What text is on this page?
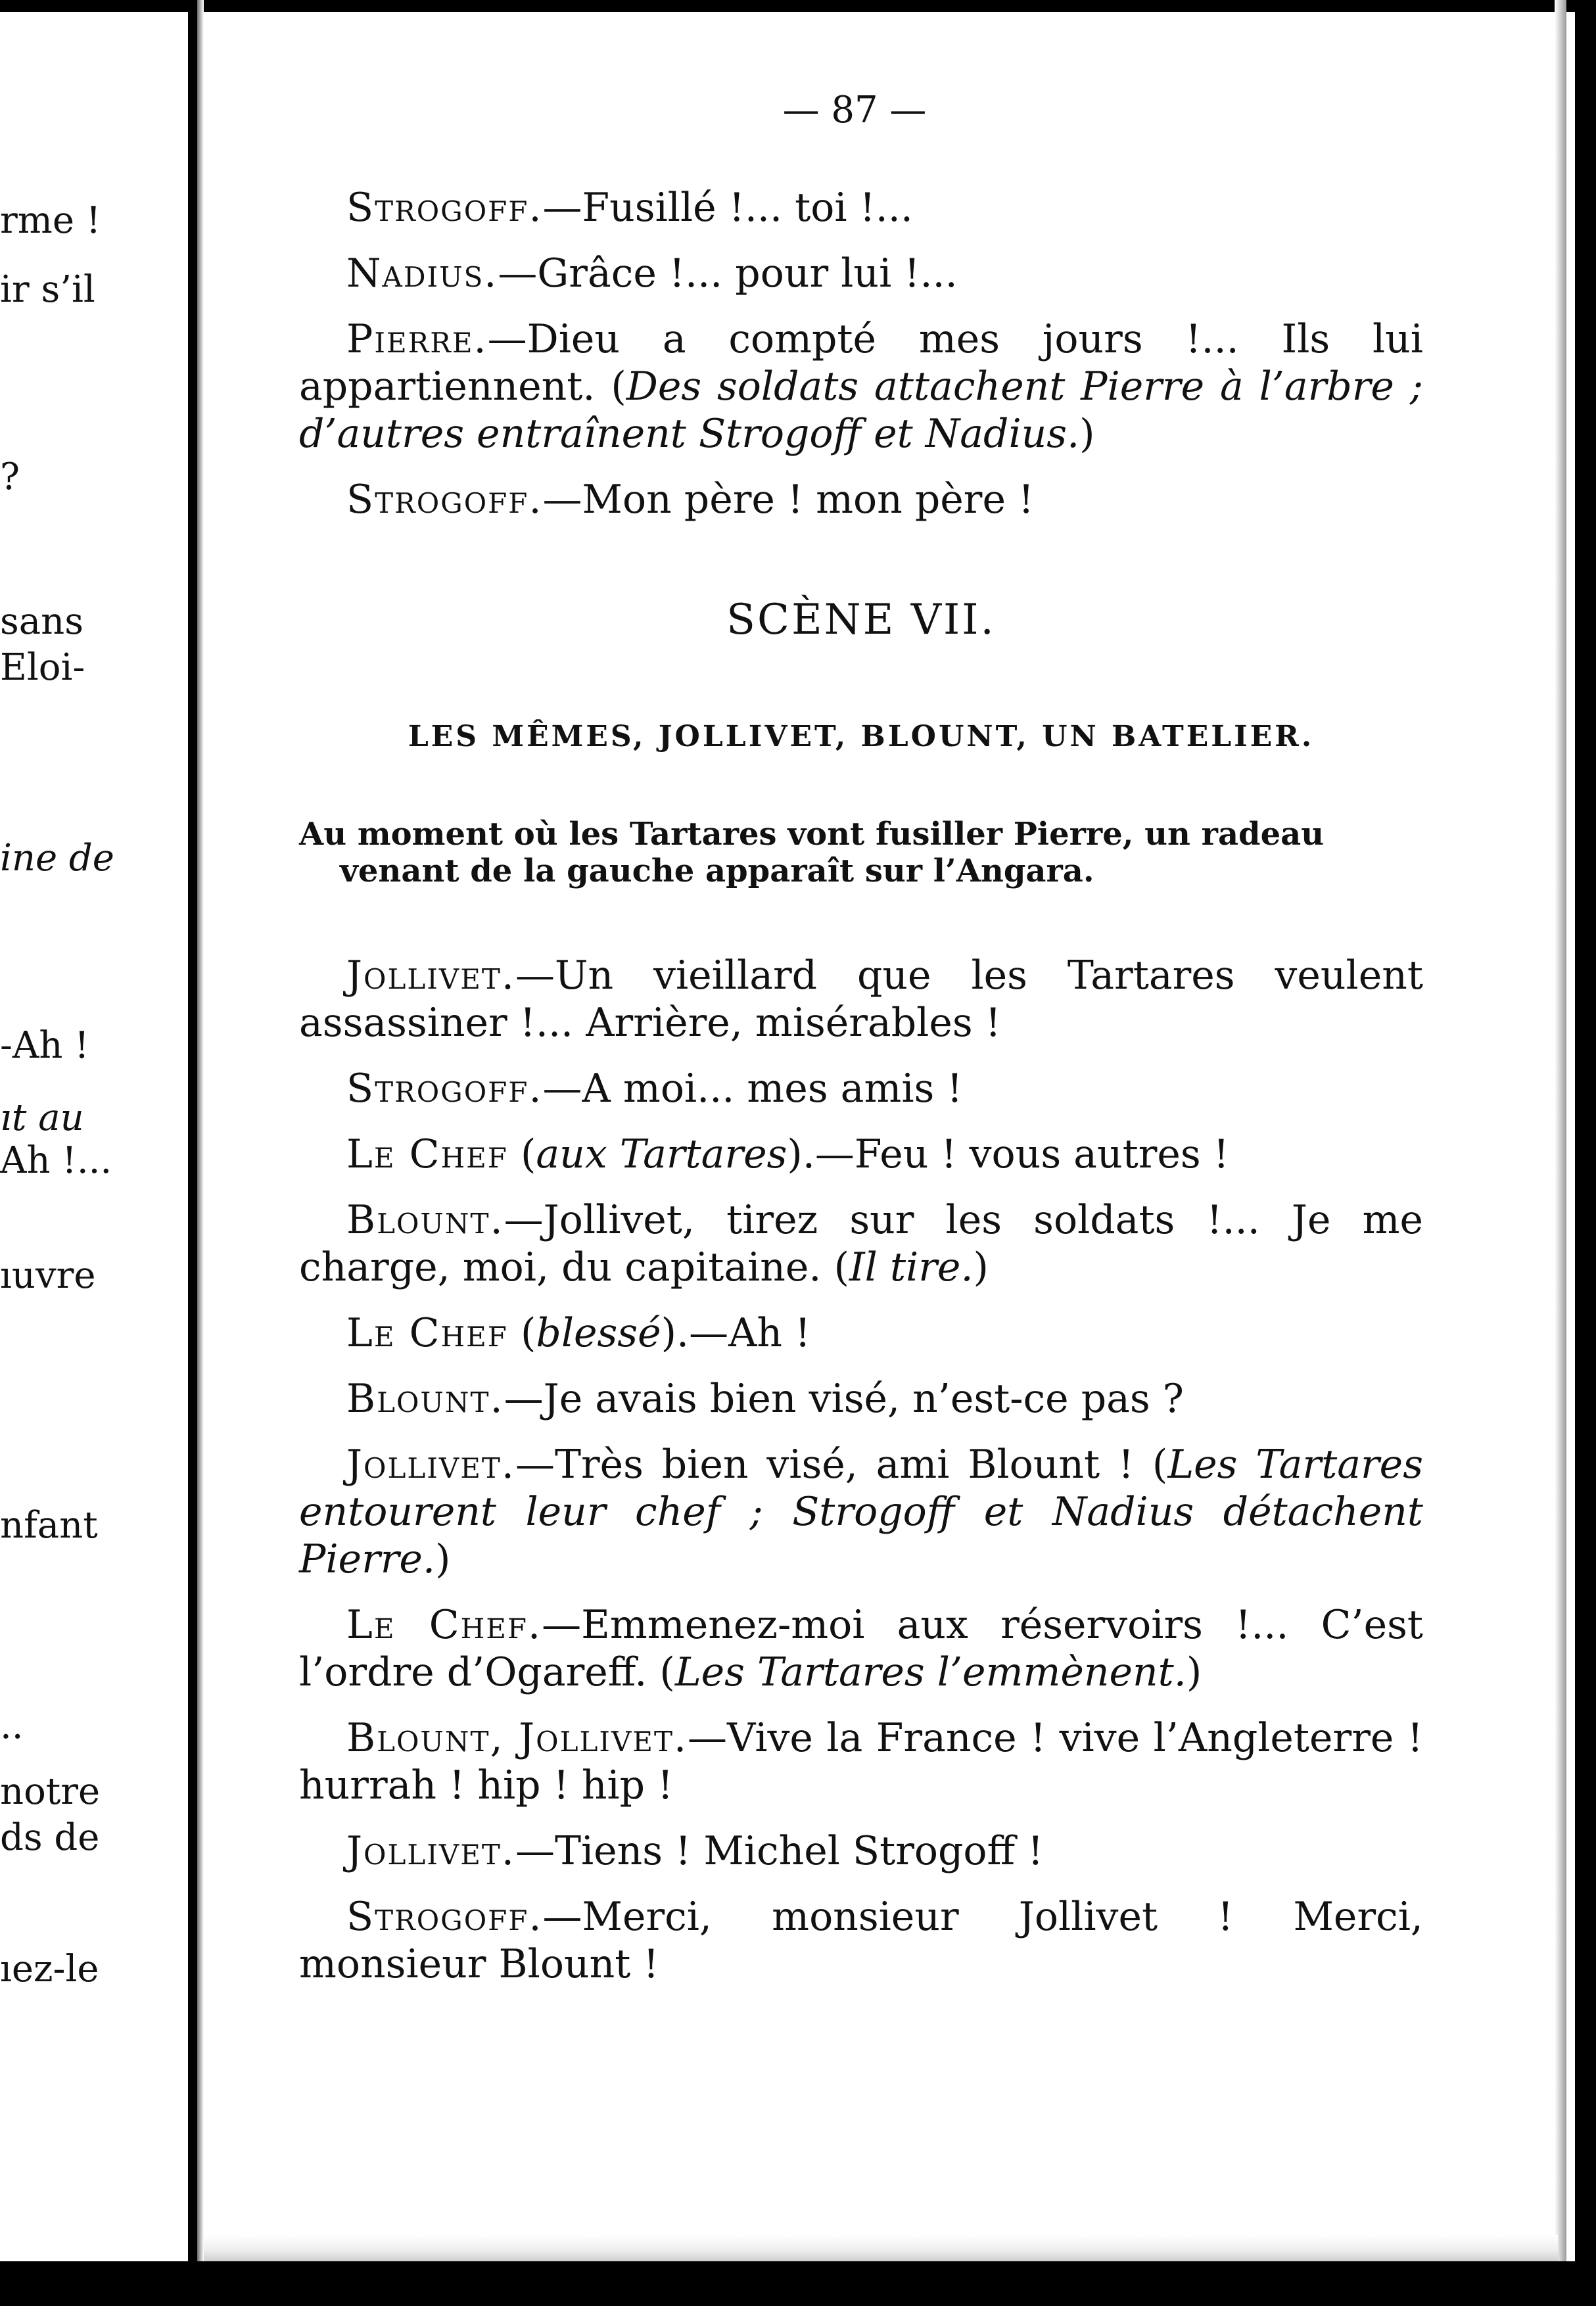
rme !
ir s’il
?
sans
Eloi-
ine de
-Ah !
ıt au
Ah !...
ıuvre
nfant
..
notre
ds de
ıez-le
— 87 —
Strogoff.—Fusillé !... toi !...
Nadius.—Grâce !... pour lui !...
Pierre.—Dieu a compté mes jours !... Ils lui appartiennent. (Des soldats attachent Pierre à l’arbre ; d’autres entraînent Strogoff et Nadius.)
Strogoff.—Mon père ! mon père !
SCÈNE VII.
LES MÊMES, JOLLIVET, BLOUNT, UN BATELIER.
Au moment où les Tartares vont fusiller Pierre, un radeau venant de la gauche apparaît sur l’Angara.
Jollivet.—Un vieillard que les Tartares veulent assassiner !... Arrière, misérables !
Strogoff.—A moi... mes amis !
Le Chef (aux Tartares).—Feu ! vous autres !
Blount.—Jollivet, tirez sur les soldats !... Je me charge, moi, du capitaine. (Il tire.)
Le Chef (blessé).—Ah !
Blount.—Je avais bien visé, n’est-ce pas ?
Jollivet.—Très bien visé, ami Blount ! (Les Tartares entourent leur chef ; Strogoff et Nadius détachent Pierre.)
Le Chef.—Emmenez-moi aux réservoirs !... C’est l’ordre d’Ogareff. (Les Tartares l’emmènent.)
Blount, Jollivet.—Vive la France ! vive l’Angleterre ! hurrah ! hip ! hip !
Jollivet.—Tiens ! Michel Strogoff !
Strogoff.—Merci, monsieur Jollivet ! Merci, monsieur Blount !
